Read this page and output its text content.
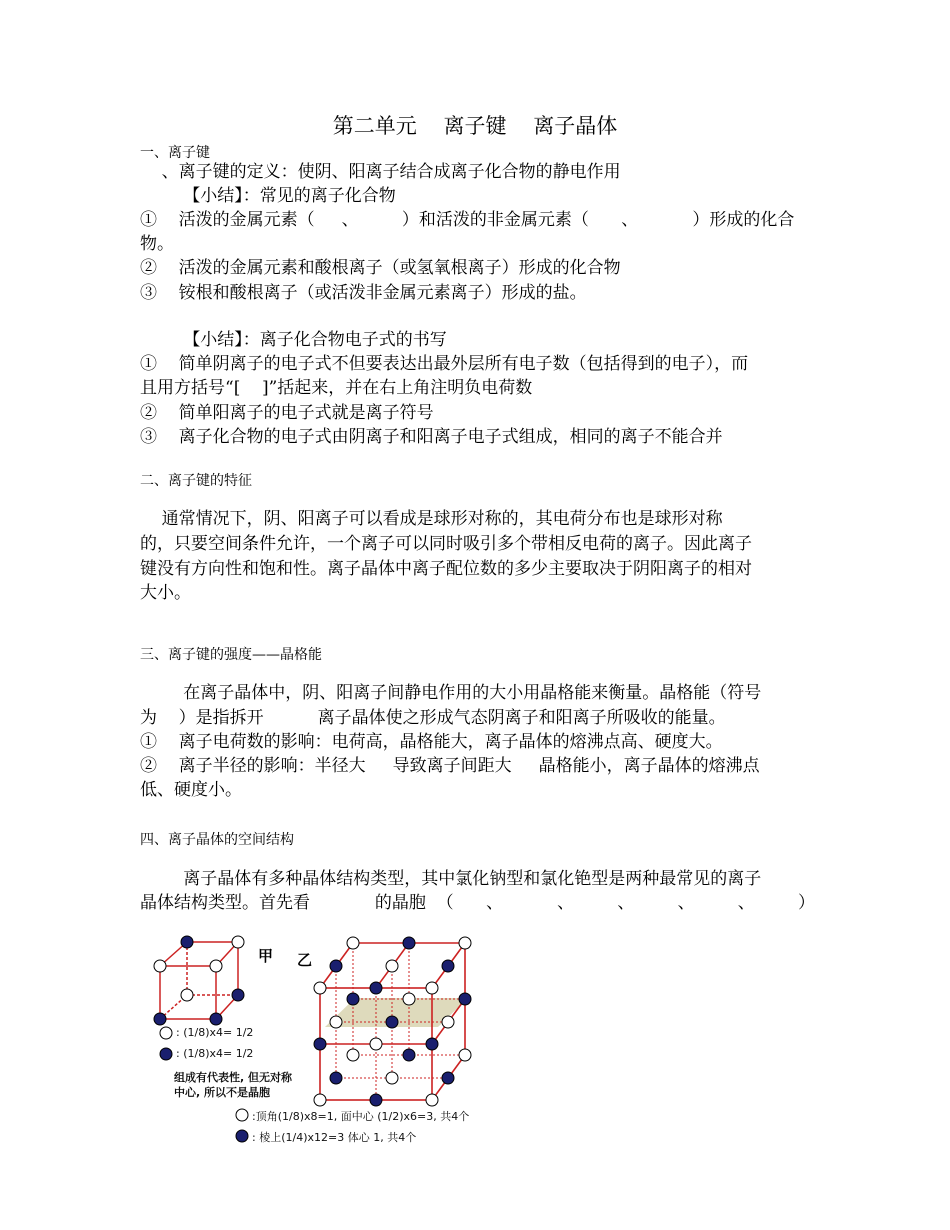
第二单元    离子键    离子晶体
一、离子键
、离子键的定义：使阴、阳离子结合成离子化合物的静电作用
【小结】：常见的离子化合物
①    活泼的金属元素（     、        ）和活泼的非金属元素（      、          ）形成的化合
物。
②    活泼的金属元素和酸根离子（或氢氧根离子）形成的化合物
③    铵根和酸根离子（或活泼非金属元素离子）形成的盐。
【小结】：离子化合物电子式的书写
①    简单阴离子的电子式不但要表达出最外层所有电子数（包括得到的电子），而
且用方括号“[    ]”括起来，并在右上角注明负电荷数
②    简单阳离子的电子式就是离子符号
③    离子化合物的电子式由阴离子和阳离子电子式组成，相同的离子不能合并
二、离子键的特征
通常情况下，阴、阳离子可以看成是球形对称的，其电荷分布也是球形对称
的，只要空间条件允许，一个离子可以同时吸引多个带相反电荷的离子。因此离子
键没有方向性和饱和性。离子晶体中离子配位数的多少主要取决于阴阳离子的相对
大小。
三、离子键的强度——晶格能
在离子晶体中，阴、阳离子间静电作用的大小用晶格能来衡量。晶格能（符号
为    ）是指拆开          离子晶体使之形成气态阴离子和阳离子所吸收的能量。
①    离子电荷数的影响：电荷高，晶格能大，离子晶体的熔沸点高、硬度大。
②    离子半径的影响：半径大     导致离子间距大     晶格能小，离子晶体的熔沸点
低、硬度小。
四、离子晶体的空间结构
离子晶体有多种晶体结构类型，其中氯化钠型和氯化铯型是两种最常见的离子
晶体结构类型。首先看            的晶胞  （      、          、        、        、        、        ）
甲 乙
: (1/8)x4= 1/2
: (1/8)x4= 1/2
组成有代表性, 但无对称
中心, 所以不是晶胞
:顶角(1/8)x8=1, 面中心 (1/2)x6=3, 共4个
: 棱上(1/4)x12=3 体心 1, 共4个
